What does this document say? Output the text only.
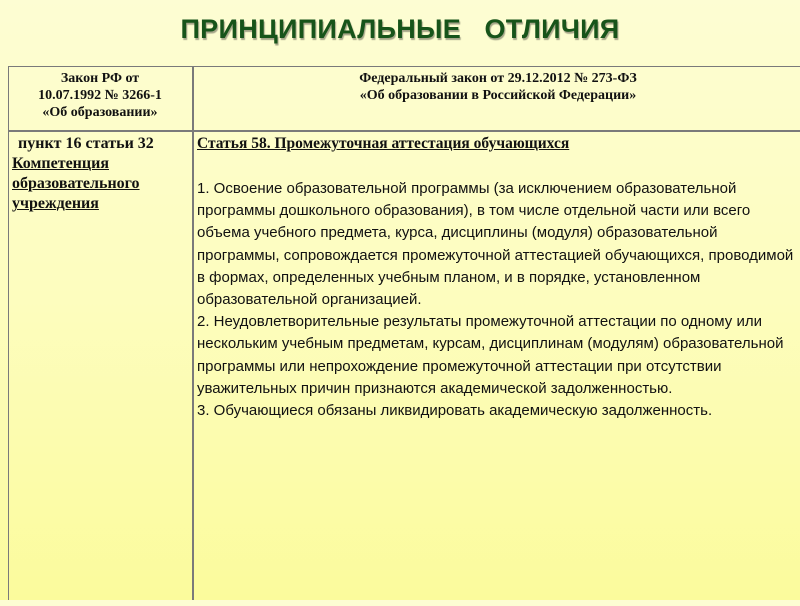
ПРИНЦИПИАЛЬНЫЕ   ОТЛИЧИЯ
Закон РФ от
10.07.1992 № 3266-1
«Об образовании»
Федеральный закон от 29.12.2012 № 273-ФЗ
«Об образовании в Российской Федерации»
пункт 16 статьи 32
Компетенция
образовательного
учреждения
Статья 58. Промежуточная аттестация обучающихся

1. Освоение образовательной программы (за исключением образовательной программы дошкольного образования), в том числе отдельной части или всего объема учебного предмета, курса, дисциплины (модуля) образовательной программы, сопровождается промежуточной аттестацией обучающихся, проводимой в формах, определенных учебным планом, и в порядке, установленном образовательной организацией.

2. Неудовлетворительные результаты промежуточной аттестации по одному или нескольким учебным предметам, курсам, дисциплинам (модулям) образовательной программы или непрохождение промежуточной аттестации при отсутствии уважительных причин признаются академической задолженностью.

3. Обучающиеся обязаны ликвидировать академическую задолженность.
